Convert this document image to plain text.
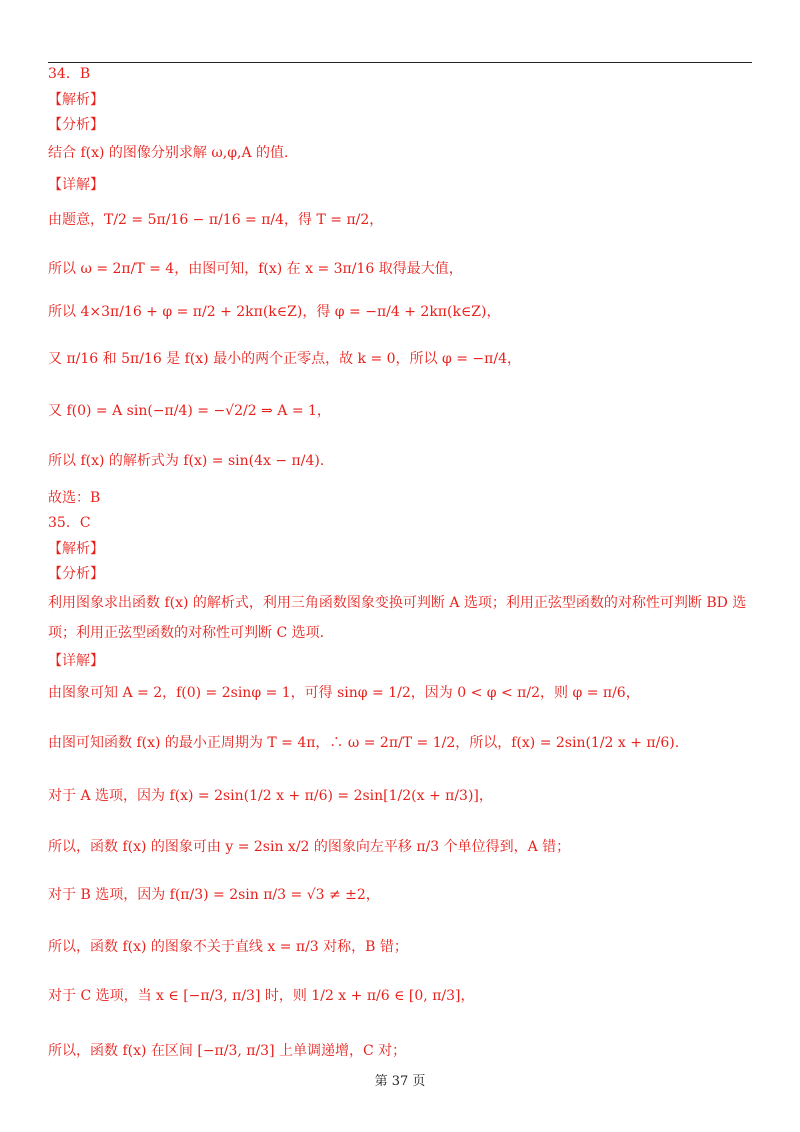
34．B
【解析】
【分析】
结合 f(x) 的图像分别求解 ω,φ,A 的值.
【详解】
由题意，T/2 = 5π/16 − π/16 = π/4，得 T = π/2，
所以 ω = 2π/T = 4，由图可知，f(x) 在 x = 3π/16 取得最大值，
所以 4×3π/16 + φ = π/2 + 2kπ(k∈Z)，得 φ = −π/4 + 2kπ(k∈Z)，
又 π/16 和 5π/16 是 f(x) 最小的两个正零点，故 k = 0，所以 φ = −π/4，
又 f(0) = A sin(−π/4) = −√2/2 ⇒ A = 1，
所以 f(x) 的解析式为 f(x) = sin(4x − π/4).
故选：B
35．C
【解析】
【分析】
利用图象求出函数 f(x) 的解析式，利用三角函数图象变换可判断 A 选项；利用正弦型函数的对称性可判断 BD 选
项；利用正弦型函数的对称性可判断 C 选项.
【详解】
由图象可知 A = 2，f(0) = 2sinφ = 1，可得 sinφ = 1/2，因为 0 < φ < π/2，则 φ = π/6，
由图可知函数 f(x) 的最小正周期为 T = 4π，∴ ω = 2π/T = 1/2，所以，f(x) = 2sin(1/2 x + π/6).
对于 A 选项，因为 f(x) = 2sin(1/2 x + π/6) = 2sin[1/2(x + π/3)]，
所以，函数 f(x) 的图象可由 y = 2sin x/2 的图象向左平移 π/3 个单位得到，A 错；
对于 B 选项，因为 f(π/3) = 2sin π/3 = √3 ≠ ±2，
所以，函数 f(x) 的图象不关于直线 x = π/3 对称，B 错；
对于 C 选项，当 x ∈ [−π/3, π/3] 时，则 1/2 x + π/6 ∈ [0, π/3]，
所以，函数 f(x) 在区间 [−π/3, π/3] 上单调递增，C 对；
第 37 页
